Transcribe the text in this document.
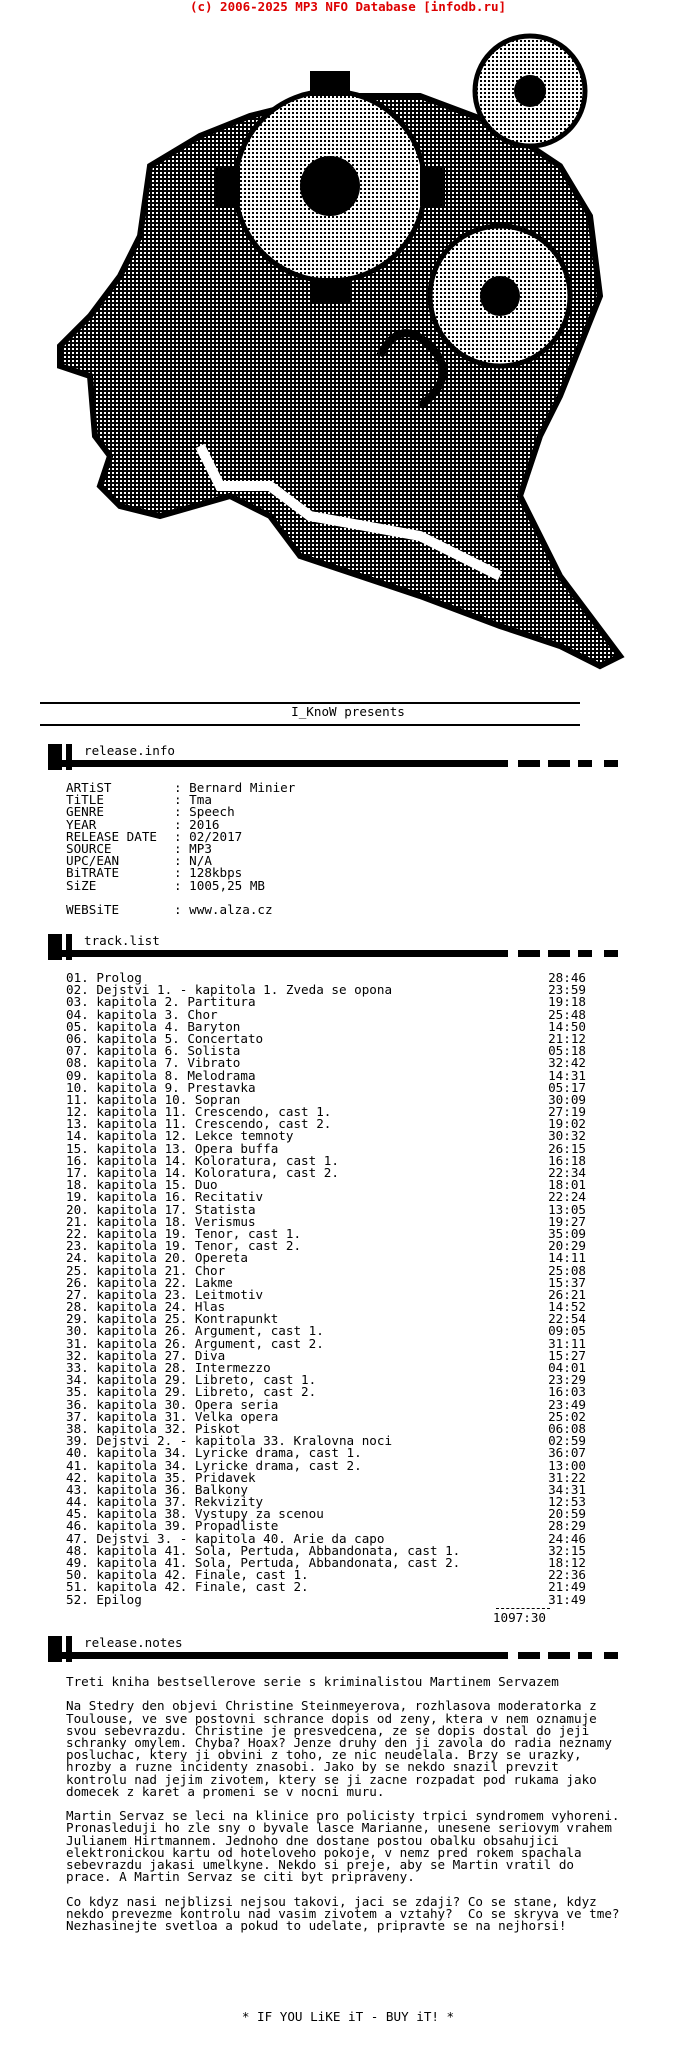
(c) 2006-2025 MP3 NFO Database [infodb.ru]
I_KnoW presents
release.info
ARTiST	: Bernard Minier
TiTLE	: Tma
GENRE	: Speech
YEAR	: 2016
RELEASE DATE	: 02/2017
SOURCE	: MP3
UPC/EAN	: N/A
BiTRATE	: 128kbps
SiZE	: 1005,25 MB
WEBSiTE	: www.alza.cz
track.list
01. Prolog	28:46
02. Dejstvi 1. - kapitola 1. Zveda se opona	23:59
03. kapitola 2. Partitura	19:18
04. kapitola 3. Chor	25:48
05. kapitola 4. Baryton	14:50
06. kapitola 5. Concertato	21:12
07. kapitola 6. Solista	05:18
08. kapitola 7. Vibrato	32:42
09. kapitola 8. Melodrama	14:31
10. kapitola 9. Prestavka	05:17
11. kapitola 10. Sopran	30:09
12. kapitola 11. Crescendo, cast 1.	27:19
13. kapitola 11. Crescendo, cast 2.	19:02
14. kapitola 12. Lekce temnoty	30:32
15. kapitola 13. Opera buffa	26:15
16. kapitola 14. Koloratura, cast 1.	16:18
17. kapitola 14. Koloratura, cast 2.	22:34
18. kapitola 15. Duo	18:01
19. kapitola 16. Recitativ	22:24
20. kapitola 17. Statista	13:05
21. kapitola 18. Verismus	19:27
22. kapitola 19. Tenor, cast 1.	35:09
23. kapitola 19. Tenor, cast 2.	20:29
24. kapitola 20. Opereta	14:11
25. kapitola 21. Chor	25:08
26. kapitola 22. Lakme	15:37
27. kapitola 23. Leitmotiv	26:21
28. kapitola 24. Hlas	14:52
29. kapitola 25. Kontrapunkt	22:54
30. kapitola 26. Argument, cast 1.	09:05
31. kapitola 26. Argument, cast 2.	31:11
32. kapitola 27. Diva	15:27
33. kapitola 28. Intermezzo	04:01
34. kapitola 29. Libreto, cast 1.	23:29
35. kapitola 29. Libreto, cast 2.	16:03
36. kapitola 30. Opera seria	23:49
37. kapitola 31. Velka opera	25:02
38. kapitola 32. Piskot	06:08
39. Dejstvi 2. - kapitola 33. Kralovna noci	02:59
40. kapitola 34. Lyricke drama, cast 1.	36:07
41. kapitola 34. Lyricke drama, cast 2.	13:00
42. kapitola 35. Pridavek	31:22
43. kapitola 36. Balkony	34:31
44. kapitola 37. Rekvizity	12:53
45. kapitola 38. Vystupy za scenou	20:59
46. kapitola 39. Propadliste	28:29
47. Dejstvi 3. - kapitola 40. Arie da capo	24:46
48. kapitola 41. Sola, Pertuda, Abbandonata, cast 1.	32:15
49. kapitola 41. Sola, Pertuda, Abbandonata, cast 2.	18:12
50. kapitola 42. Finale, cast 1.	22:36
51. kapitola 42. Finale, cast 2.	21:49
52. Epilog	31:49
1097:30
release.notes

Treti kniha bestsellerove serie s kriminalistou Martinem Servazem

Na Stedry den objevi Christine Steinmeyerova, rozhlasova moderatorka z Toulouse, ve sve postovni schrance dopis od zeny, ktera v nem oznamuje svou sebevrazdu. Christine je presvedcena, ze se dopis dostal do jeji schranky omylem. Chyba? Hoax? Jenze druhy den ji zavola do radia neznamy posluchac, ktery ji obvini z toho, ze nic neudelala. Brzy se urazky, hrozby a ruzne incidenty znasobi. Jako by se nekdo snazil prevzit kontrolu nad jejim zivotem, ktery se ji zacne rozpadat pod rukama jako domecek z karet a promeni se v nocni muru.

Martin Servaz se leci na klinice pro policisty trpici syndromem vyhoreni. Pronasleduji ho zle sny o byvale lasce Marianne, unesene seriovym vrahem Julianem Hirtmannem. Jednoho dne dostane postou obalku obsahujici elektronickou kartu od hoteloveho pokoje, v nemz pred rokem spachala sebevrazdu jakasi umelkyne. Nekdo si preje, aby se Martin vratil do prace. A Martin Servaz se citi byt pripraveny.

Co kdyz nasi nejblizsi nejsou takovi, jaci se zdaji? Co se stane, kdyz nekdo prevezme kontrolu nad vasim zivotem a vztahy?  Co se skryva ve tme? Nezhasinejte svetloa a pokud to udelate, pripravte se na nejhorsi!

* IF YOU LiKE iT - BUY iT! *
